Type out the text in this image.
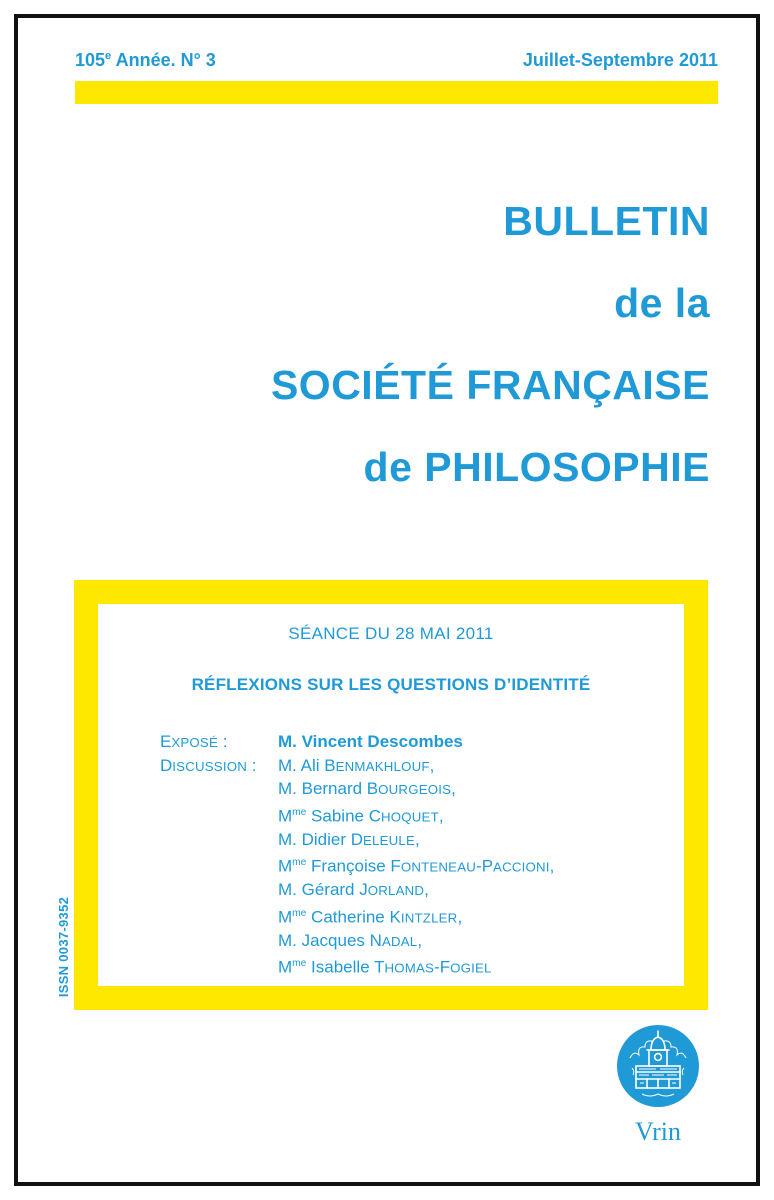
105e Année. N° 3	Juillet-Septembre 2011
BULLETIN
de la
SOCIÉTÉ FRANÇAISE
de PHILOSOPHIE
SÉANCE DU 28 MAI 2011
RÉFLEXIONS SUR LES QUESTIONS D’IDENTITÉ
EXPOSÉ :	M. Vincent Descombes
DISCUSSION :	M. Ali BENMAKHLOUF,
M. Bernard BOURGEOIS,
$M^{me}$ Sabine CHOQUET,
M. Didier DELEULE,
$M^{me}$ Françoise FONTENEAU-PACCIONI,
M. Gérard JORLAND,
$M^{me}$ Catherine KINTZLER,
M. Jacques NADAL,
$M^{me}$ Isabelle THOMAS-FOGIEL
ISSN 0037-9352
Vrin
